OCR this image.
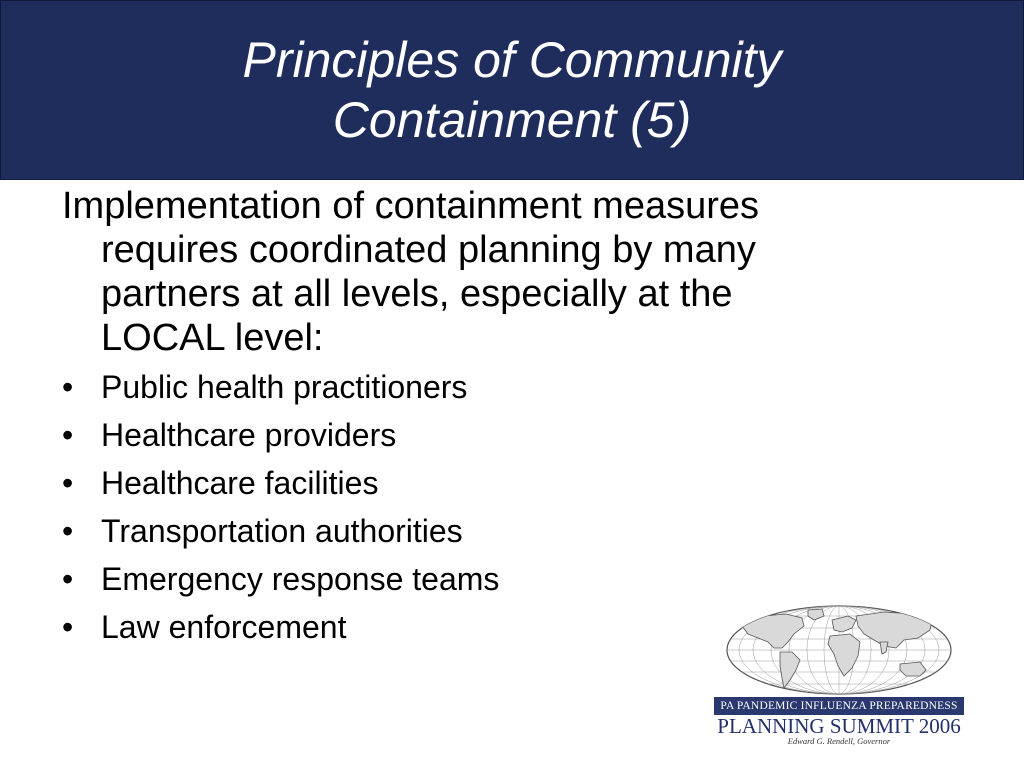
Principles of Community
Containment (5)
Implementation of containment measures
requires coordinated planning by many
partners at all levels, especially at the
LOCAL level:
• Public health practitioners
• Healthcare providers
• Healthcare facilities
• Transportation authorities
• Emergency response teams
• Law enforcement
PA PANDEMIC INFLUENZA PREPAREDNESS
PLANNING SUMMIT 2006
Edward G. Rendell, Governor
